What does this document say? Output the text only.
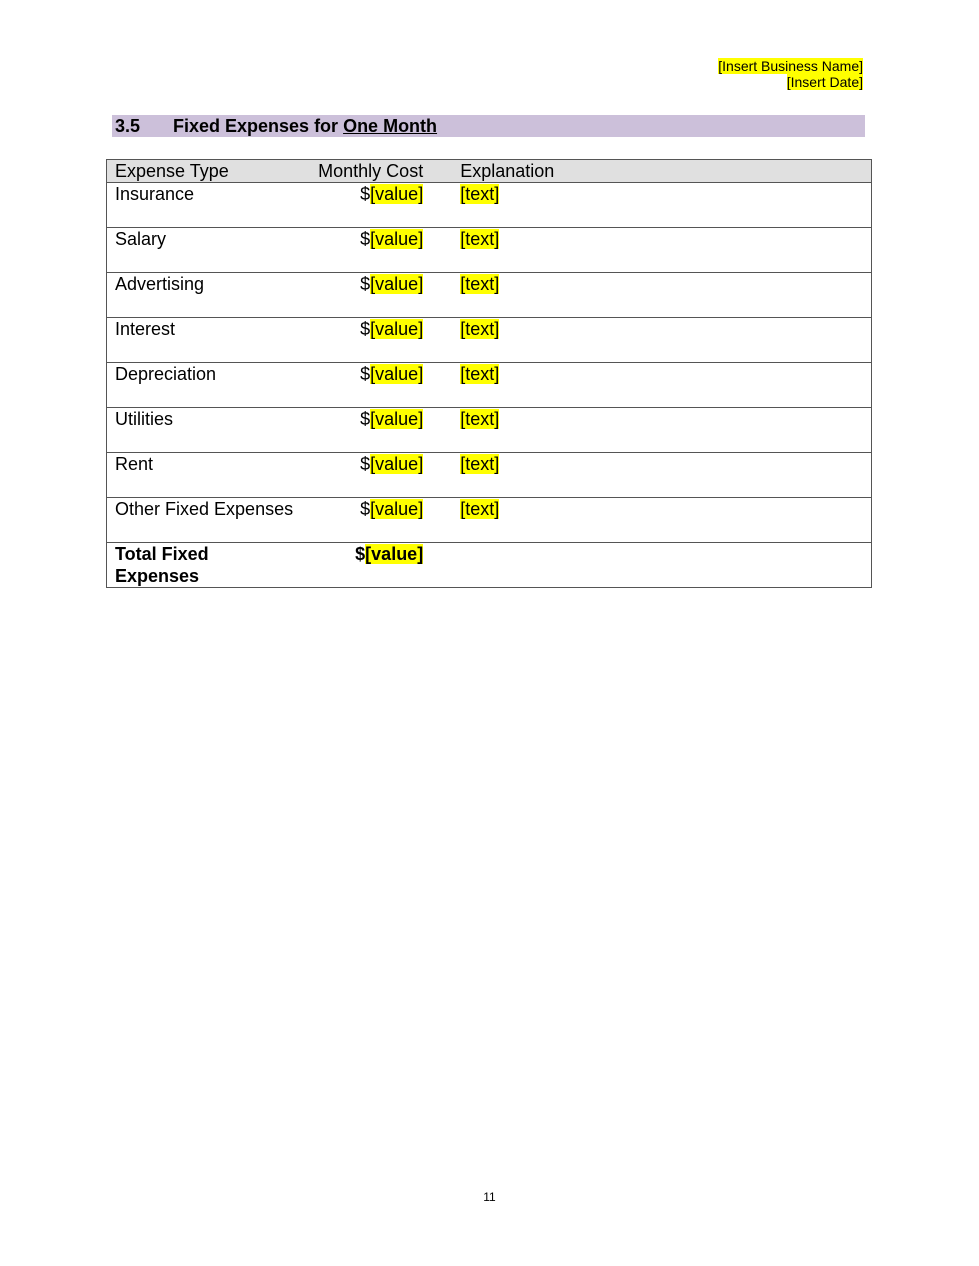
[Insert Business Name]
[Insert Date]
3.5 Fixed Expenses for One Month
Expense Type	Monthly Cost	Explanation
Insurance	$[value]	[text]
Salary	$[value]	[text]
Advertising	$[value]	[text]
Interest	$[value]	[text]
Depreciation	$[value]	[text]
Utilities	$[value]	[text]
Rent	$[value]	[text]
Other Fixed Expenses	$[value]	[text]
Total Fixed Expenses	$[value]	
11
